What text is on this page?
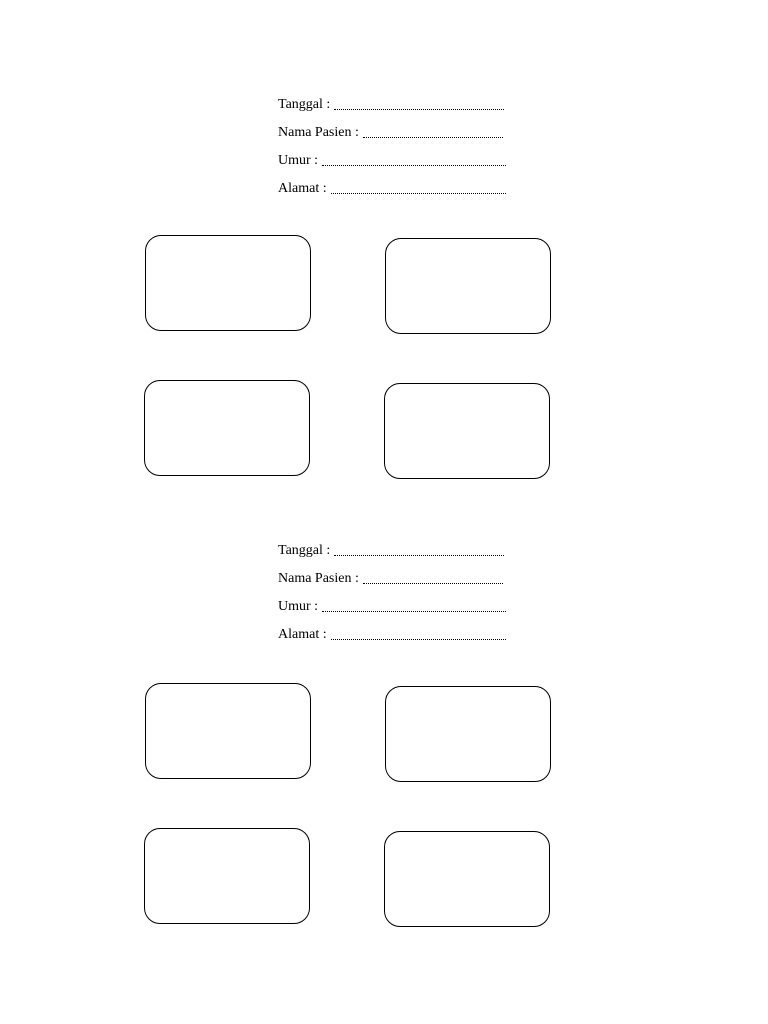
Tanggal :
Nama Pasien :
Umur :
Alamat :
Tanggal :
Nama Pasien :
Umur :
Alamat :
